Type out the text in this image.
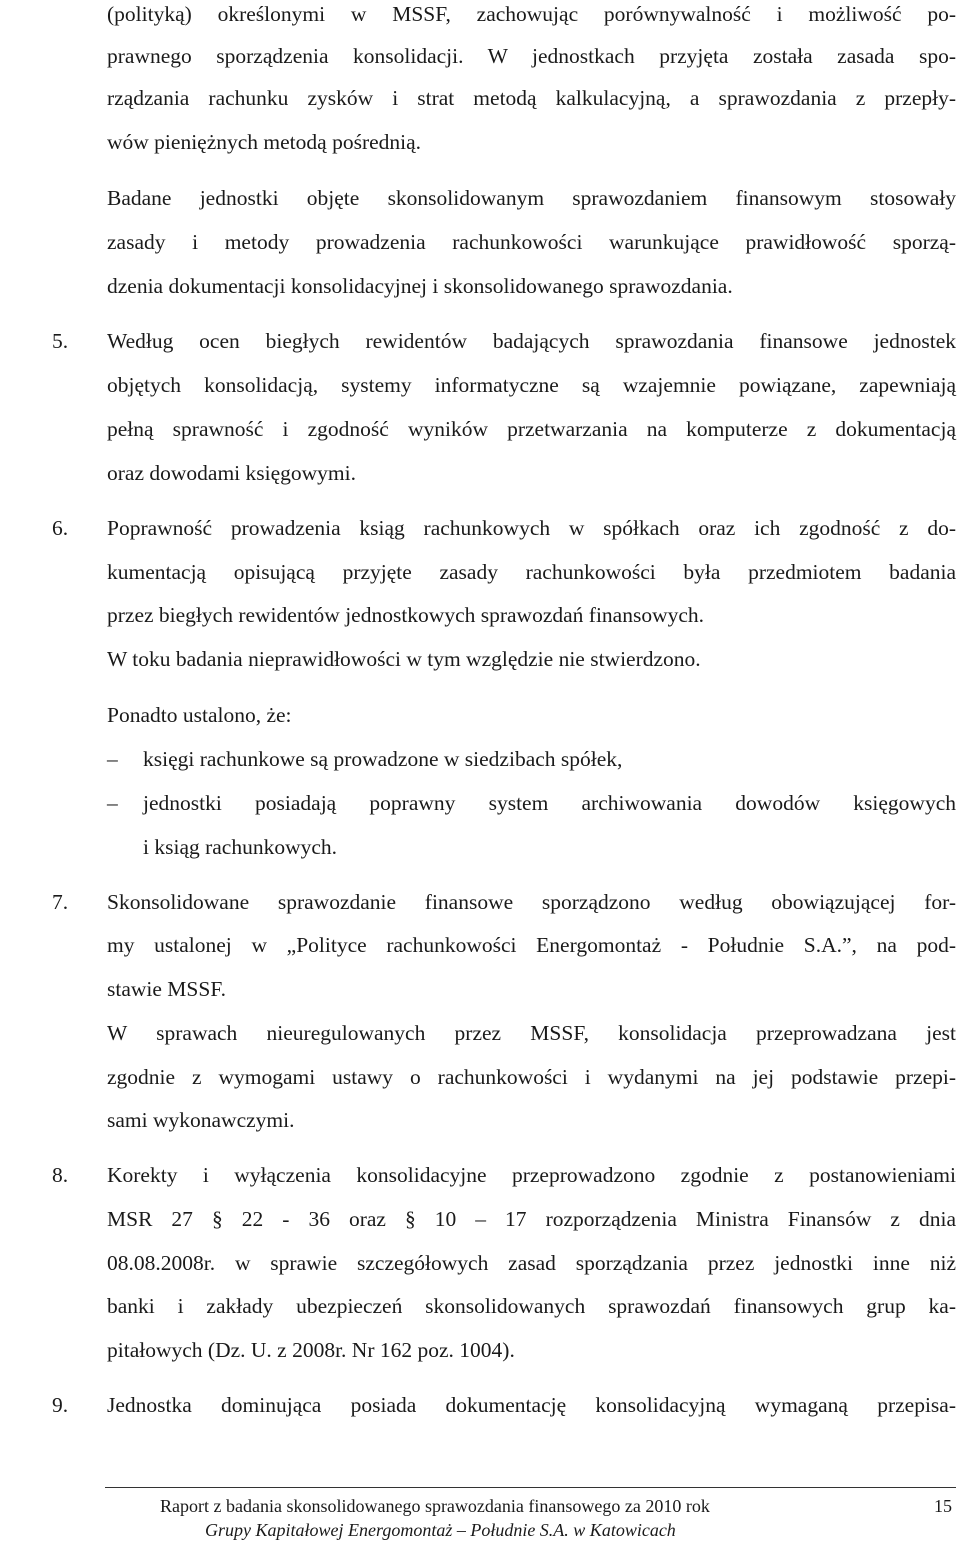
(polityką) określonymi w MSSF, zachowując porównywalność i możliwość po-
prawnego sporządzenia konsolidacji. W jednostkach przyjęta została zasada spo-
rządzania rachunku zysków i strat metodą kalkulacyjną, a sprawozdania z przepły-
wów pieniężnych metodą pośrednią.
Badane jednostki objęte skonsolidowanym sprawozdaniem finansowym stosowały
zasady i metody prowadzenia rachunkowości warunkujące prawidłowość sporzą-
dzenia dokumentacji konsolidacyjnej i skonsolidowanego sprawozdania.
5. Według ocen biegłych rewidentów badających sprawozdania finansowe jednostek
objętych konsolidacją, systemy informatyczne są wzajemnie powiązane, zapewniają
pełną sprawność i zgodność wyników przetwarzania na komputerze z dokumentacją
oraz dowodami księgowymi.
6. Poprawność prowadzenia ksiąg rachunkowych w spółkach oraz ich zgodność z do-
kumentacją opisującą przyjęte zasady rachunkowości była przedmiotem badania
przez biegłych rewidentów jednostkowych sprawozdań finansowych.
W toku badania nieprawidłowości w tym względzie nie stwierdzono.
Ponadto ustalono, że:
– księgi rachunkowe są prowadzone w siedzibach spółek,
– jednostki posiadają poprawny system archiwowania dowodów księgowych
i ksiąg rachunkowych.
7. Skonsolidowane sprawozdanie finansowe sporządzono według obowiązującej for-
my ustalonej w „Polityce rachunkowości Energomontaż - Południe S.A.”, na pod-
stawie MSSF.
W sprawach nieuregulowanych przez MSSF, konsolidacja przeprowadzana jest
zgodnie z wymogami ustawy o rachunkowości i wydanymi na jej podstawie przepi-
sami wykonawczymi.
8. Korekty i wyłączenia konsolidacyjne przeprowadzono zgodnie z postanowieniami
MSR 27 § 22 - 36 oraz § 10 – 17 rozporządzenia Ministra Finansów z dnia
08.08.2008r. w sprawie szczegółowych zasad sporządzania przez jednostki inne niż
banki i zakłady ubezpieczeń skonsolidowanych sprawozdań finansowych grup ka-
pitałowych (Dz. U. z 2008r. Nr 162 poz. 1004).
9. Jednostka dominująca posiada dokumentację konsolidacyjną wymaganą przepisa-
Raport z badania skonsolidowanego sprawozdania finansowego za 2010 rok
Grupy Kapitałowej Energomontaż – Południe S.A. w Katowicach
15
